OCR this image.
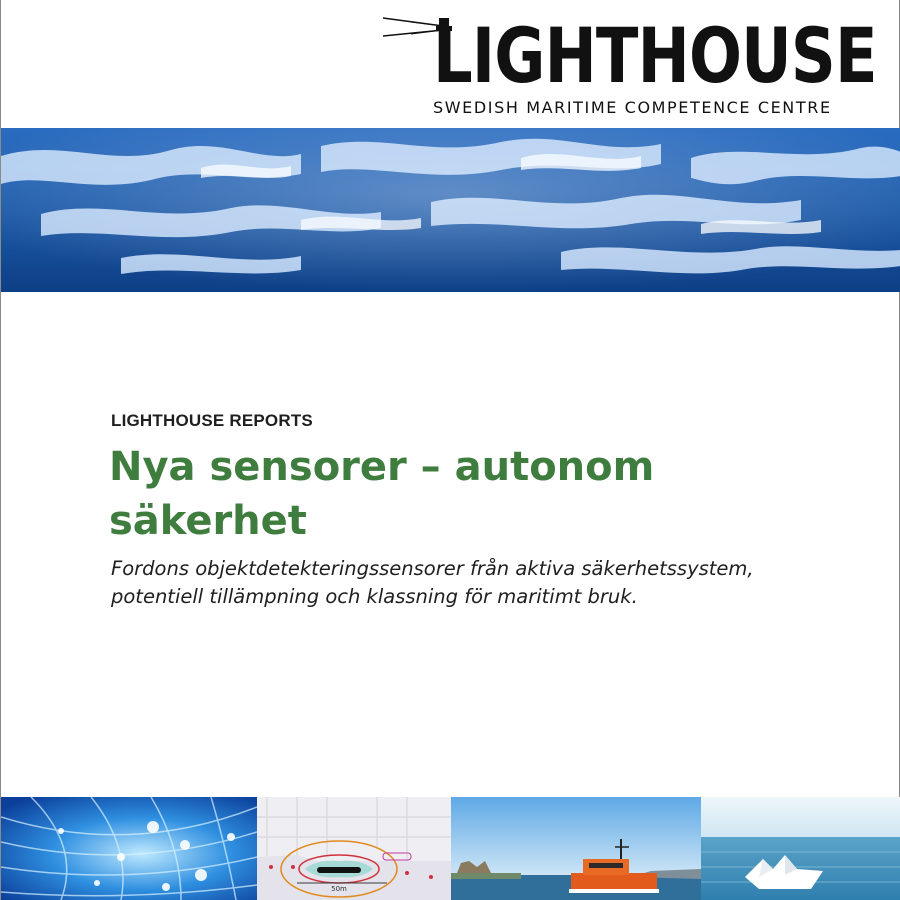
LIGHTHOUSE
SWEDISH MARITIME COMPETENCE CENTRE
LIGHTHOUSE REPORTS
Nya sensorer – autonom säkerhet
Fordons objektdetekteringssensorer från aktiva säkerhetssystem, potentiell tillämpning och klassning för maritimt bruk.
50m
